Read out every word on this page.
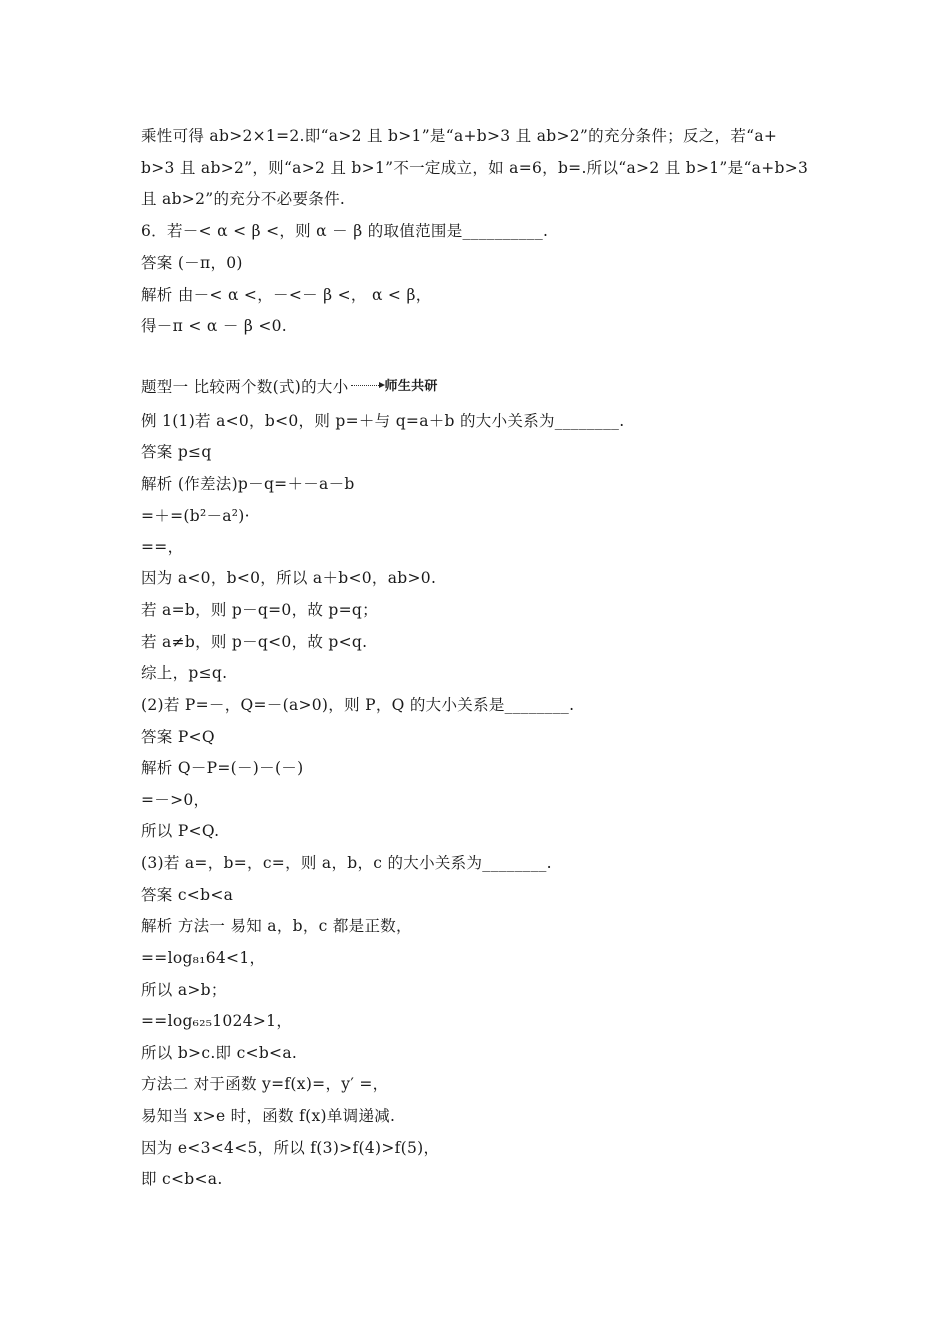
乘性可得 ab>2×1=2.即“a>2 且 b>1”是“a+b>3 且 ab>2”的充分条件；反之，若“a+
b>3 且 ab>2”，则“a>2 且 b>1”不一定成立，如 a=6，b=.所以“a>2 且 b>1”是“a+b>3
且 ab>2”的充分不必要条件.
6．若－< α < β <，则 α － β 的取值范围是__________.
答案 (－π，0)
解析 由－< α <，－<－ β <， α < β，
得－π < α － β <0.
题型一 比较两个数(式)的大小	师生共研
例 1(1)若 a<0，b<0，则 p=＋与 q=a＋b 的大小关系为________.
答案 p≤q
解析 (作差法)p－q=＋－a－b
=＋=(b²－a²)·
==，
因为 a<0，b<0，所以 a＋b<0，ab>0.
若 a=b，则 p－q=0，故 p=q；
若 a≠b，则 p－q<0，故 p<q.
综上，p≤q.
(2)若 P=－，Q=－(a>0)，则 P，Q 的大小关系是________.
答案 P<Q
解析 Q－P=(－)－(－)
=－>0，
所以 P<Q.
(3)若 a=，b=，c=，则 a，b，c 的大小关系为________.
答案 c<b<a
解析 方法一 易知 a，b，c 都是正数，
==log₈₁64<1，
所以 a>b；
==log₆₂₅1024>1，
所以 b>c.即 c<b<a.
方法二 对于函数 y=f(x)=，y′ =，
易知当 x>e 时，函数 f(x)单调递减.
因为 e<3<4<5，所以 f(3)>f(4)>f(5)，
即 c<b<a.
